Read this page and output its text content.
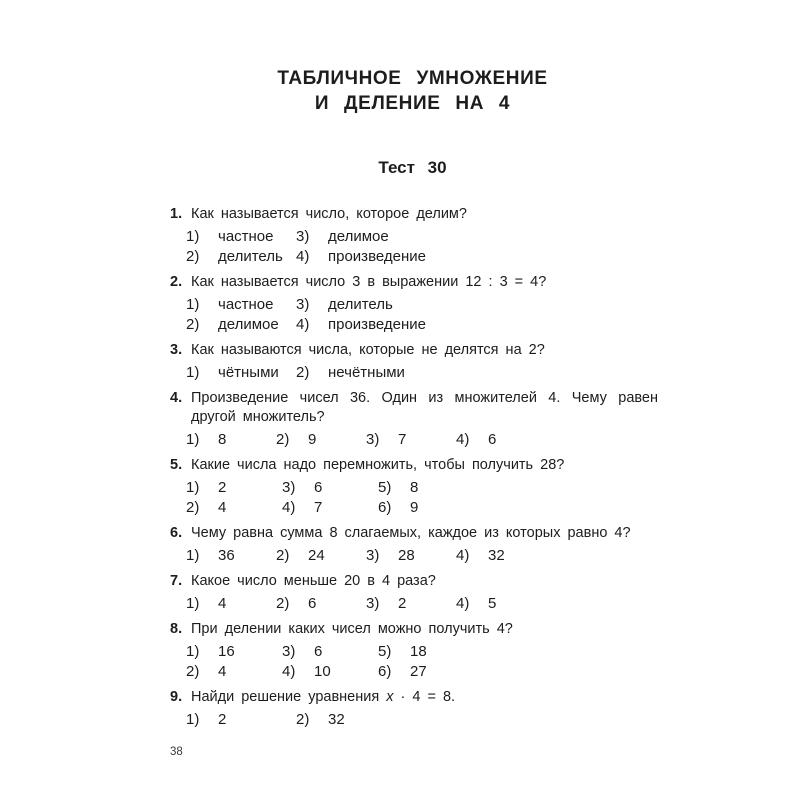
ТАБЛИЧНОЕ УМНОЖЕНИЕ
И ДЕЛЕНИЕ НА 4
Тест 30

1. Как называется число, которое делим?

1) частное 3) делимое
2) делитель 4) произведение

2. Как называется число 3 в выражении 12 : 3 = 4?

1) частное 3) делитель
2) делимое 4) произведение

3. Как называются числа, которые не делятся на 2?

1) чётными 2) нечётными

4. Произведение чисел 36. Один из множителей 4. Чему равен другой множитель?

1) 8	2) 9	3) 7	4) 6

5. Какие числа надо перемножить, чтобы получить 28?

1) 2	3) 6	5) 8
2) 4	4) 7	6) 9

6. Чему равна сумма 8 слагаемых, каждое из которых равно 4?

1) 36	2) 24	3) 28	4) 32

7. Какое число меньше 20 в 4 раза?

1) 4	2) 6	3) 2	4) 5

8. При делении каких чисел можно получить 4?

1) 16	3) 6	5) 18
2) 4	4) 10	6) 27

9. Найди решение уравнения x · 4 = 8.

1) 2	2) 32
38
